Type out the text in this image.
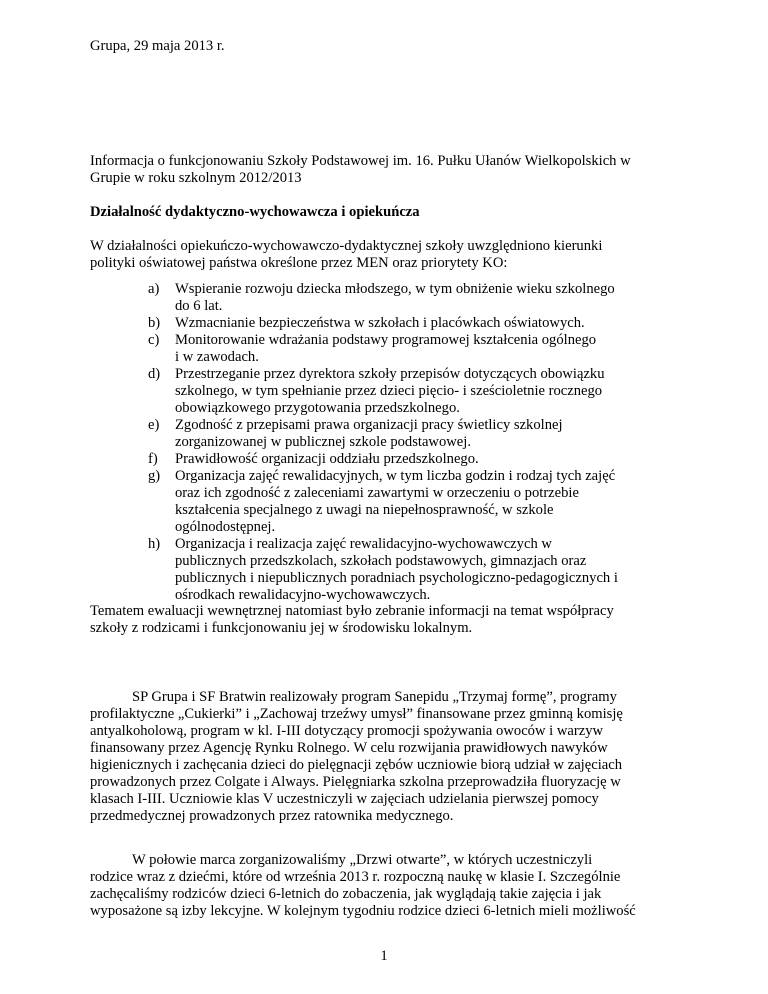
Grupa, 29 maja 2013 r.
Informacja o funkcjonowaniu Szkoły Podstawowej im. 16. Pułku Ułanów Wielkopolskich w
Grupie w roku szkolnym 2012/2013
Działalność dydaktyczno-wychowawcza i opiekuńcza
W działalności opiekuńczo-wychowawczo-dydaktycznej szkoły uwzględniono kierunki
polityki oświatowej państwa określone przez MEN oraz priorytety KO:
a)	Wspieranie rozwoju dziecka młodszego, w tym obniżenie wieku szkolnego
do 6 lat.
b)	Wzmacnianie bezpieczeństwa w szkołach i placówkach oświatowych.
c)	Monitorowanie wdrażania podstawy programowej kształcenia ogólnego
i w zawodach.
d)	Przestrzeganie przez dyrektora szkoły przepisów dotyczących obowiązku
szkolnego, w tym spełnianie przez dzieci pięcio- i sześcioletnie rocznego
obowiązkowego przygotowania przedszkolnego.
e)	Zgodność z przepisami prawa organizacji pracy świetlicy szkolnej
zorganizowanej w publicznej szkole podstawowej.
f)	Prawidłowość organizacji oddziału przedszkolnego.
g)	Organizacja zajęć rewalidacyjnych, w tym liczba godzin i rodzaj tych zajęć
oraz ich zgodność z zaleceniami zawartymi w orzeczeniu o potrzebie
kształcenia specjalnego z uwagi na niepełnosprawność, w szkole
ogólnodostępnej.
h)	Organizacja i realizacja zajęć rewalidacyjno-wychowawczych w
publicznych przedszkolach, szkołach podstawowych, gimnazjach oraz
publicznych i niepublicznych poradniach psychologiczno-pedagogicznych i
ośrodkach rewalidacyjno-wychowawczych.
Tematem ewaluacji wewnętrznej natomiast było zebranie informacji na temat współpracy
szkoły z rodzicami i funkcjonowaniu jej w środowisku lokalnym.
SP Grupa i SF Bratwin realizowały program Sanepidu „Trzymaj formę”, programy
profilaktyczne „Cukierki” i „Zachowaj trzeźwy umysł” finansowane przez gminną komisję
antyalkoholową, program w kl. I-III dotyczący promocji spożywania owoców i warzyw
finansowany przez Agencję Rynku Rolnego. W celu rozwijania prawidłowych nawyków
higienicznych i zachęcania dzieci do pielęgnacji zębów uczniowie biorą udział w zajęciach
prowadzonych przez Colgate i Always. Pielęgniarka szkolna przeprowadziła fluoryzację w
klasach I-III. Uczniowie klas V uczestniczyli w zajęciach udzielania pierwszej pomocy
przedmedycznej prowadzonych przez ratownika medycznego.
W połowie marca zorganizowaliśmy „Drzwi otwarte”, w których uczestniczyli
rodzice wraz z dziećmi, które od września 2013 r. rozpoczną naukę w klasie I. Szczególnie
zachęcaliśmy rodziców dzieci 6-letnich do zobaczenia, jak wyglądają takie zajęcia i jak
wyposażone są izby lekcyjne. W kolejnym tygodniu rodzice dzieci 6-letnich mieli możliwość
1
